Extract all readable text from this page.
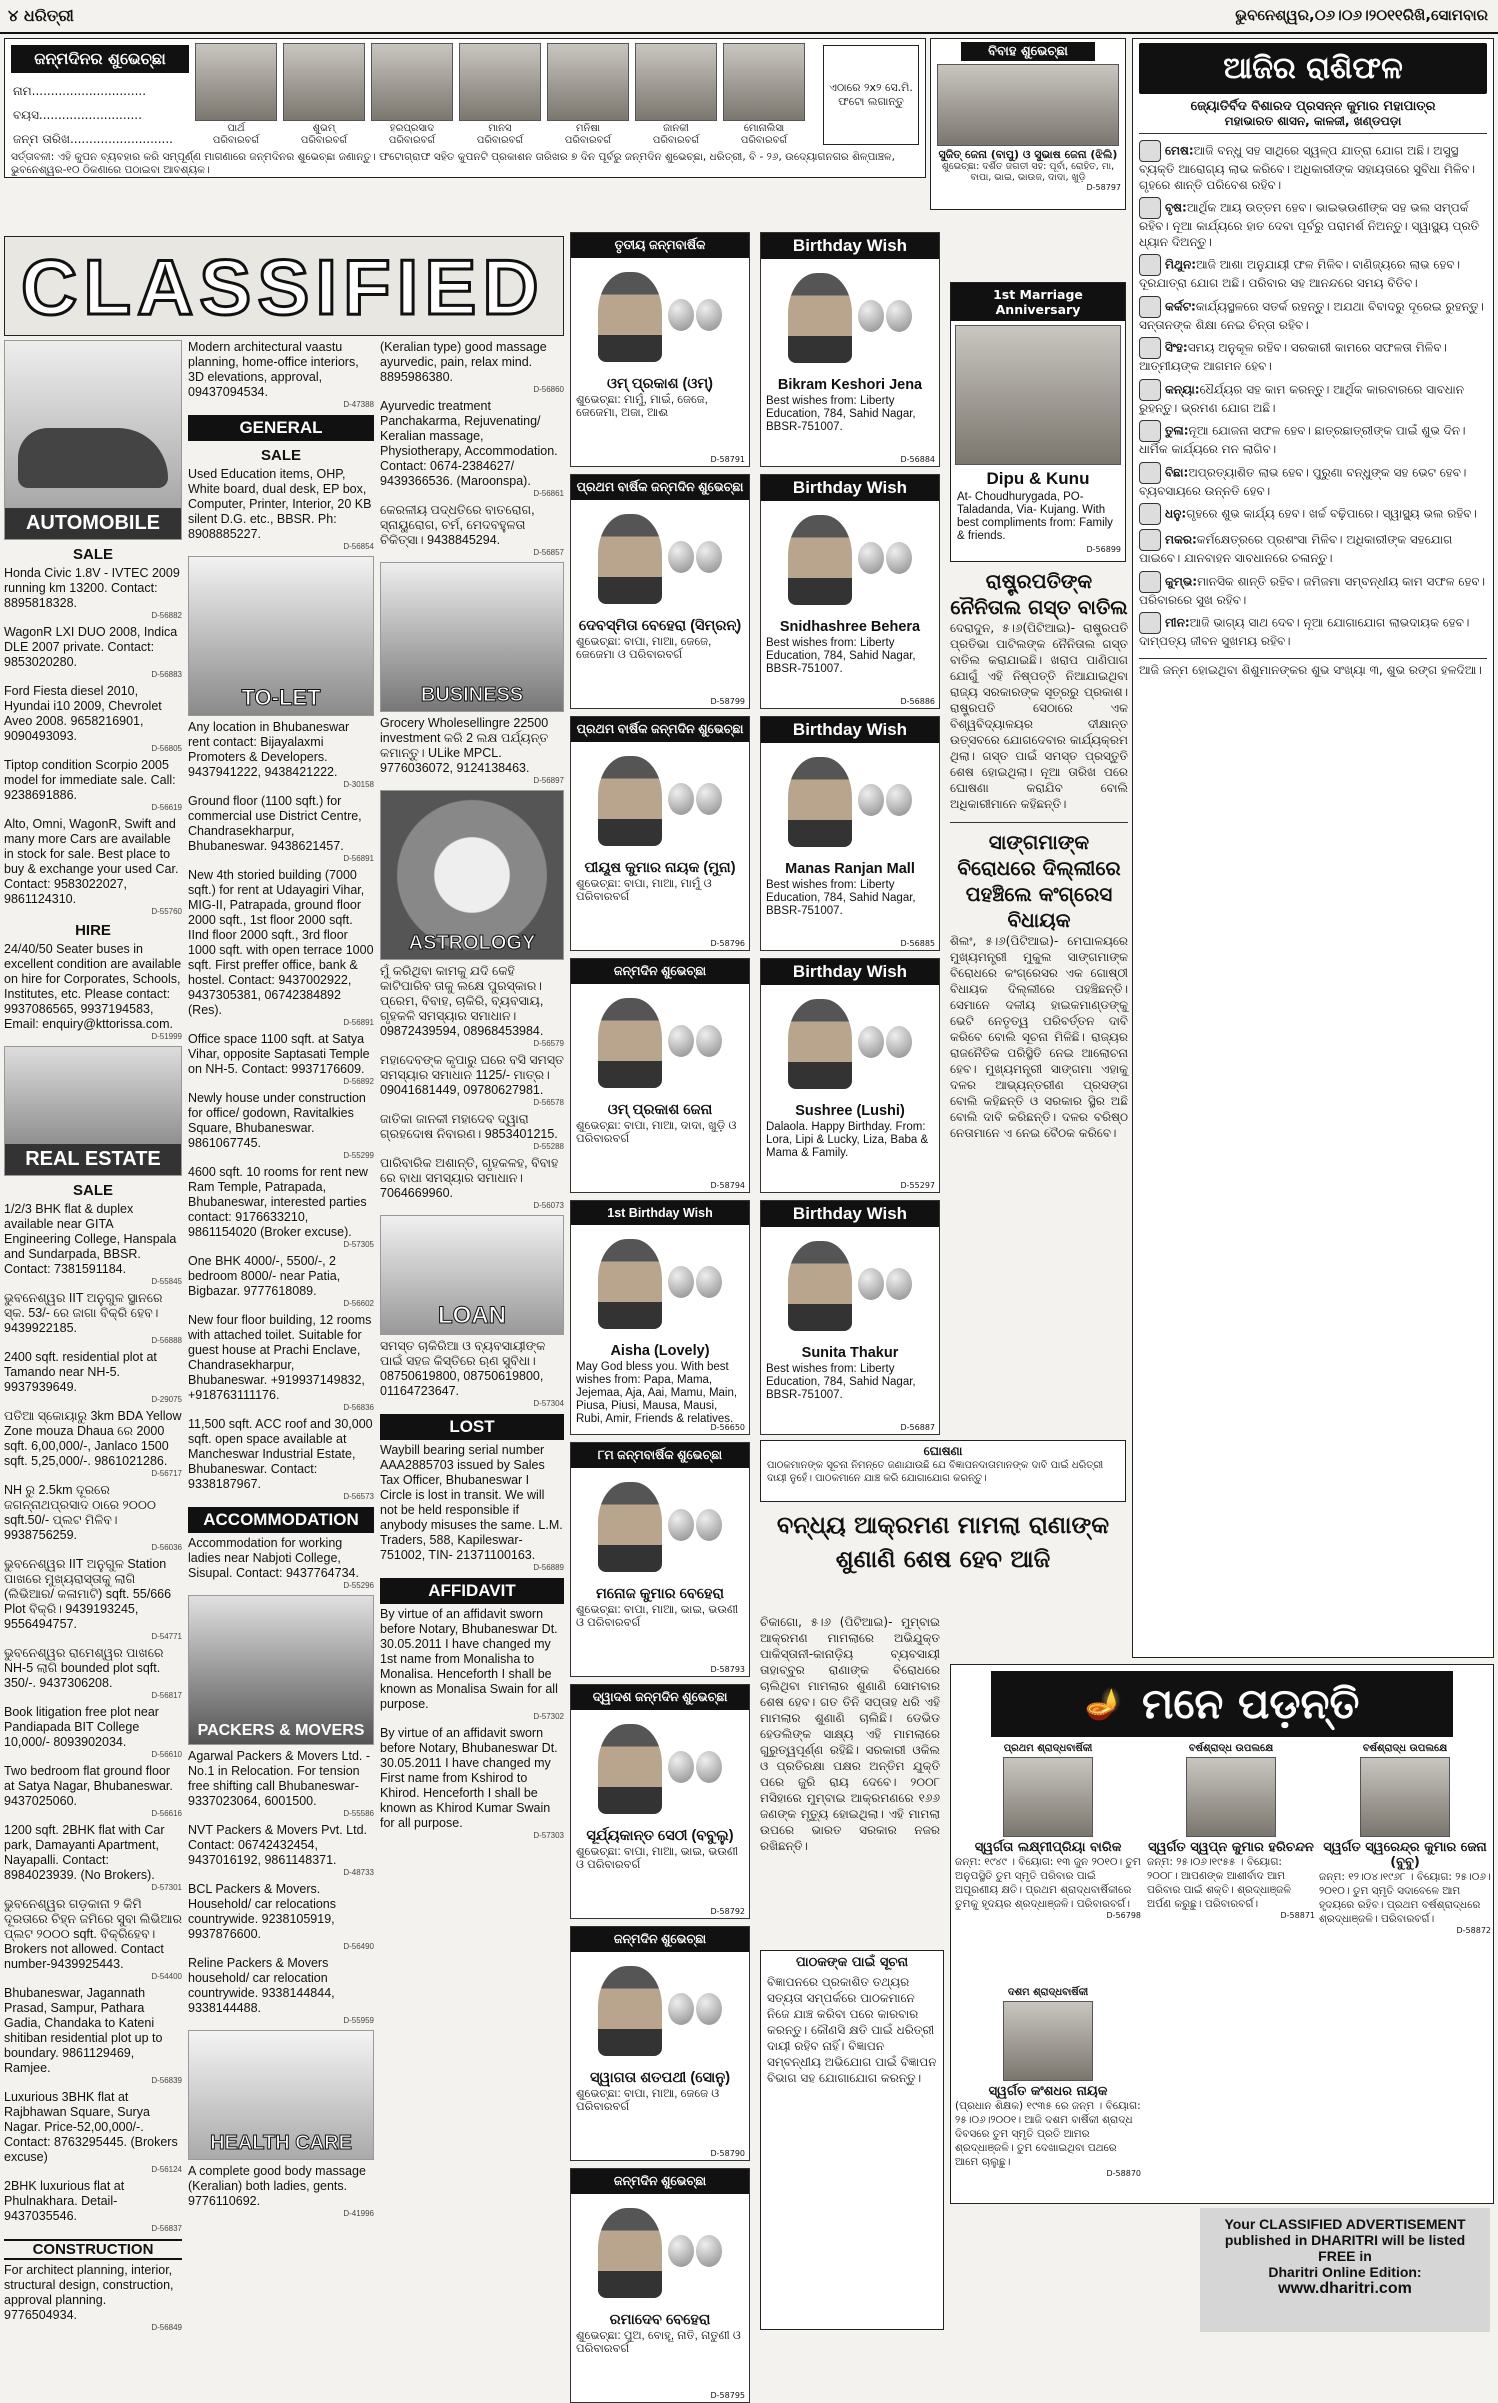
୪ ଧରିତ୍ରୀ	ଭୁବନେଶ୍ୱର,୦୬।୦୬।୨୦୧୧ରିଖି,ସୋମବାର
ଜନ୍ମଦିନର ଶୁଭେଚ୍ଛା
ନାମ..............................
ବୟସ...........................
ଜନ୍ମ ତାରିଖ...........................
ପାର୍ଥ
ପରିବାରବର୍ଗ
ଶୁଭମ୍
ପରିବାରବର୍ଗ
ହରପ୍ରସାଦ
ପରିବାରବର୍ଗ
ମାନସ
ପରିବାରବର୍ଗ
ମନିଷା
ପରିବାରବର୍ଗ
ଜାନକୀ
ପରିବାରବର୍ଗ
ମୋନାଲିସା
ପରିବାରବର୍ଗ
ଏଠାରେ ୨x୨ ସେ.ମି. ଫଟୋ ଲଗାନ୍ତୁ
ସର୍ତ୍ତାବଳୀ: ଏହି କୁପନ ବ୍ୟବହାର କରି ସମ୍ପୂର୍ଣ୍ଣ ମାଗଣାରେ ଜନ୍ମଦିନର ଶୁଭେଚ୍ଛା ଜଣାନ୍ତୁ। ଫଟୋଗ୍ରାଫ ସହିତ କୁପନଟି ପ୍ରକାଶନ ତାରିଖର ୭ ଦିନ ପୂର୍ବରୁ ଜନ୍ମଦିନ ଶୁଭେଚ୍ଛା, ଧରିତ୍ରୀ, ବି - ୨୬, ଉଦ୍ୟୋଗନଗର ଶିଳ୍ପାଞ୍ଚଳ, ଭୁବନେଶ୍ୱର-୧୦ ଠିକଣାରେ ପଠାଇବା ଆବଶ୍ୟକ।
ବିବାହ ଶୁଭେଚ୍ଛା
ସୁଜିତ୍ ଜେନା (ବାପୁ) ଓ ସୁଭାଷ ଜେନା (ଝିଲି)
ଶୁଭେଚ୍ଛା: ଦର୍ଶିତ ଜଗତୀ ସହ: ପୂର୍ବା, ରୋହିତ, ମା, ବାପା, ଭାଇ, ଭାଉଜ, ଦାଦା, ଖୁଡ଼ି
D-58797
ଆଜିର ରାଶିଫଳ
ଜ୍ୟୋତିର୍ବିଦ ବିଶାରଦ ପ୍ରସନ୍ନ କୁମାର ମହାପାତ୍ର
ମହାଭାରତ ଶାସନ, କାଳଜୀ, ଖଣ୍ଡପଡ଼ା

ମେଷ:ଆଜି ବନ୍ଧୁ ସହ ସାଥିରେ ସ୍ୱଳ୍ପ ଯାତ୍ରା ଯୋଗ ଅଛି। ଅସୁସ୍ଥ ବ୍ୟକ୍ତି ଆରୋଗ୍ୟ ଲାଭ କରିବେ। ଅଧିକାରୀଙ୍କ ସହାୟତାରେ ସୁବିଧା ମିଳିବ। ଗୃହରେ ଶାନ୍ତି ପରିବେଶ ରହିବ।

ବୃଷ:ଆର୍ଥିକ ଆୟ ଉତ୍ତମ ହେବ। ଭାଇଭଉଣୀଙ୍କ ସହ ଭଲ ସମ୍ପର୍କ ରହିବ। ନୂଆ କାର୍ଯ୍ୟରେ ହାତ ଦେବା ପୂର୍ବରୁ ପରାମର୍ଶ ନିଅନ୍ତୁ। ସ୍ୱାସ୍ଥ୍ୟ ପ୍ରତି ଧ୍ୟାନ ଦିଅନ୍ତୁ।

ମିଥୁନ:ଆଜି ଆଶା ଅନୁଯାୟୀ ଫଳ ମିଳିବ। ବାଣିଜ୍ୟରେ ଲାଭ ହେବ। ଦୂରଯାତ୍ରା ଯୋଗ ଅଛି। ପରିବାର ସହ ଆନନ୍ଦରେ ସମୟ ବିତିବ।

କର୍କଟ:କାର୍ଯ୍ୟସ୍ଥଳରେ ସତର୍କ ରହନ୍ତୁ। ଅଯଥା ବିବାଦରୁ ଦୂରେଇ ରୁହନ୍ତୁ। ସନ୍ତାନଙ୍କ ଶିକ୍ଷା ନେଇ ଚିନ୍ତା ରହିବ।

ସିଂହ:ସମୟ ଅନୁକୂଳ ରହିବ। ସରକାରୀ କାମରେ ସଫଳତା ମିଳିବ। ଆତ୍ମୀୟଙ୍କ ଆଗମନ ହେବ।

କନ୍ୟା:ଧୈର୍ଯ୍ୟର ସହ କାମ କରନ୍ତୁ। ଆର୍ଥିକ କାରବାରରେ ସାବଧାନ ରୁହନ୍ତୁ। ଭ୍ରମଣ ଯୋଗ ଅଛି।

ତୁଳା:ନୂଆ ଯୋଜନା ସଫଳ ହେବ। ଛାତ୍ରଛାତ୍ରୀଙ୍କ ପାଇଁ ଶୁଭ ଦିନ। ଧାର୍ମିକ କାର୍ଯ୍ୟରେ ମନ ଲାଗିବ।

ବିଛା:ଅପ୍ରତ୍ୟାଶିତ ଲାଭ ହେବ। ପୁରୁଣା ବନ୍ଧୁଙ୍କ ସହ ଭେଟ ହେବ। ବ୍ୟବସାୟରେ ଉନ୍ନତି ହେବ।

ଧନୁ:ଗୃହରେ ଶୁଭ କାର୍ଯ୍ୟ ହେବ। ଖର୍ଚ୍ଚ ବଢ଼ିପାରେ। ସ୍ୱାସ୍ଥ୍ୟ ଭଲ ରହିବ।

ମକର:କର୍ମକ୍ଷେତ୍ରରେ ପ୍ରଶଂସା ମିଳିବ। ଅଧିକାରୀଙ୍କ ସହଯୋଗ ପାଇବେ। ଯାନବାହନ ସାବଧାନରେ ଚଳାନ୍ତୁ।

କୁମ୍ଭ:ମାନସିକ ଶାନ୍ତି ରହିବ। ଜମିଜମା ସମ୍ବନ୍ଧୀୟ କାମ ସଫଳ ହେବ। ପରିବାରରେ ସୁଖ ରହିବ।

ମୀନ:ଆଜି ଭାଗ୍ୟ ସାଥ ଦେବ। ନୂଆ ଯୋଗାଯୋଗ ଲାଭଦାୟକ ହେବ। ଦାମ୍ପତ୍ୟ ଜୀବନ ସୁଖମୟ ରହିବ।

ଆଜି ଜନ୍ମ ହୋଇଥିବା ଶିଶୁମାନଙ୍କର ଶୁଭ ସଂଖ୍ୟା ୩, ଶୁଭ ରଙ୍ଗ ହଳଦିଆ।
CLASSIFIED
AUTOMOBILE
SALE
Honda Civic 1.8V - IVTEC 2009 running km 13200. Contact: 8895818328.
D-56882
WagonR LXI DUO 2008, Indica DLE 2007 private. Contact: 9853020280.
D-56883
Ford Fiesta diesel 2010, Hyundai i10 2009, Chevrolet Aveo 2008. 9658216901, 9090493093.
D-56805
Tiptop condition Scorpio 2005 model for immediate sale. Call: 9238691886.
D-56619
Alto, Omni, WagonR, Swift and many more Cars are available in stock for sale. Best place to buy & exchange your used Car. Contact: 9583022027, 9861124310.
D-55760
HIRE
24/40/50 Seater buses in excellent condition are available on hire for Corporates, Schools, Institutes, etc. Please contact: 9937086565, 9937194583, Email: enquiry@kttorissa.com.
D-51999
REAL ESTATE
SALE
1/2/3 BHK flat & duplex available near GITA Engineering College, Hanspala and Sundarpada, BBSR. Contact: 7381591184.
D-55845
ଭୁବନେଶ୍ୱର IIT ଅନୁଗୁଳ ସ୍ଥାନରେ ସ୍କ. 53/- ରେ ଜାଗା ବିକ୍ରି ହେବ। 9439922185.
D-56888
2400 sqft. residential plot at Tamando near NH-5. 9937939649.
D-29075
ପତିଆ ସ୍କୋୟାରୁ 3km BDA Yellow Zone mouza Dhaua ରେ 2000 sqft. 6,00,000/-, Janlaco 1500 sqft. 5,25,000/-. 9861021286.
D-56717
NH ରୁ 2.5km ଦୂରରେ ଜଗନ୍ନାଥପ୍ରସାଦ ଠାରେ ୨୦୦୦ sqft.50/- ପ୍ଲଟ ମିଳିବ। 9938756259.
D-56036
ଭୁବନେଶ୍ୱର IIT ଅନୁଗୁଳ Station ପାଖରେ ମୁଖ୍ୟରାସ୍ତାକୁ ଲାଗି (ଲିଭିଆର/ କଳାମାଟି) sqft. 55/666 Plot ବିକ୍ରି। 9439193245, 9556494757.
D-54771
ଭୁବନେଶ୍ୱର ରାମେଶ୍ୱର ପାଖରେ NH-5 ଲାଗି bounded plot sqft. 350/-. 9437306208.
D-56817
Book litigation free plot near Pandiapada BIT College 10,000/- 8093902034.
D-56610
Two bedroom flat ground floor at Satya Nagar, Bhubaneswar. 9437025060.
D-56616
1200 sqft. 2BHK flat with Car park, Damayanti Apartment, Nayapalli. Contact: 8984023939. (No Brokers).
D-57301
ଭୁବନେଶ୍ୱର ଗଡ଼କାନା ୨ କିମି ଦୂରତାରେ ଚିହ୍ନ ଜମିରେ ସୁବା ଲିଭିଆର ପ୍ଲଟ ୨୦୦୦ sqft. ବିକ୍ରିହେବ। Brokers not allowed. Contact number-9439925443.
D-54400
Bhubaneswar, Jagannath Prasad, Sampur, Pathara Gadia, Chandaka to Kateni shitiban residential plot up to boundary. 9861129469, Ramjee.
D-56839
Luxurious 3BHK flat at Rajbhawan Square, Surya Nagar. Price-52,00,000/-. Contact: 8763295445. (Brokers excuse)
D-56124
2BHK luxurious flat at Phulnakhara. Detail- 9437035546.
D-56837
CONSTRUCTION
For architect planning, interior, structural design, construction, approval planning. 9776504934.
D-56849
Modern architectural vaastu planning, home-office interiors, 3D elevations, approval, 09437094534.
D-47388
GENERAL
SALE
Used Education items, OHP, White board, dual desk, EP box, Computer, Printer, Interior, 20 KB silent D.G. etc., BBSR. Ph: 8908885227.
D-56854
TO-LET
Any location in Bhubaneswar rent contact: Bijayalaxmi Promoters & Developers. 9437941222, 9438421222.
D-30158
Ground floor (1100 sqft.) for commercial use District Centre, Chandrasekharpur, Bhubaneswar. 9438621457.
D-56891
New 4th storied building (7000 sqft.) for rent at Udayagiri Vihar, MIG-II, Patrapada, ground floor 2000 sqft., 1st floor 2000 sqft. IInd floor 2000 sqft., 3rd floor 1000 sqft. with open terrace 1000 sqft. First preffer office, bank & hostel. Contact: 9437002922, 9437305381, 06742384892 (Res).
D-56891
Office space 1100 sqft. at Satya Vihar, opposite Saptasati Temple on NH-5. Contact: 9937176609.
D-56892
Newly house under construction for office/ godown, Ravitalkies Square, Bhubaneswar. 9861067745.
D-55299
4600 sqft. 10 rooms for rent new Ram Temple, Patrapada, Bhubaneswar, interested parties contact: 9176633210, 9861154020 (Broker excuse).
D-57305
One BHK 4000/-, 5500/-, 2 bedroom 8000/- near Patia, Bigbazar. 9777618089.
D-56602
New four floor building, 12 rooms with attached toilet. Suitable for guest house at Prachi Enclave, Chandrasekharpur, Bhubaneswar. +919937149832, +918763111176.
D-56836
11,500 sqft. ACC roof and 30,000 sqft. open space available at Mancheswar Industrial Estate, Bhubaneswar. Contact: 9338187967.
D-56573
ACCOMMODATION
Accommodation for working ladies near Nabjoti College, Sisupal. Contact: 9437764734.
D-55296
PACKERS & MOVERS
Agarwal Packers & Movers Ltd. - No.1 in Relocation. For tension free shifting call Bhubaneswar- 9337023064, 6001500.
D-55586
NVT Packers & Movers Pvt. Ltd. Contact: 06742432454, 9437016192, 9861148371.
D-48733
BCL Packers & Movers. Household/ car relocations countrywide. 9238105919, 9937876600.
D-56490
Reline Packers & Movers household/ car relocation countrywide. 9338144844, 9338144488.
D-55959
HEALTH CARE
A complete good body massage (Keralian) both ladies, gents. 9776110692.
D-41996
(Keralian type) good massage ayurvedic, pain, relax mind. 8895986380.
D-56860
Ayurvedic treatment Panchakarma, Rejuvenating/ Keralian massage, Physiotherapy, Accommodation. Contact: 0674-2384627/ 9439366536. (Maroonspa).
D-56861
କେରଳୀୟ ପଦ୍ଧତିରେ ବାତରୋଗ, ସ୍ନାୟୁରୋଗ, ଚର୍ମ, ମେଦବହୁଳତା ଚିକିତ୍ସା। 9438845294.
D-56857
BUSINESS
Grocery Wholesellingre 22500 investment କରି 2 ଲକ୍ଷ ପର୍ଯ୍ୟନ୍ତ କମାନ୍ତୁ। ULike MPCL. 9776036072, 9124138463.
D-56897
ASTROLOGY
ମୁଁ କରିଥିବା କାମକୁ ଯଦି କେହି କାଟିପାରିବ ତାକୁ ଲକ୍ଷେ ପୁରସ୍କାର। ପ୍ରେମ, ବିବାହ, ଚାକିରି, ବ୍ୟବସାୟ, ଗୃହକଳି ସମସ୍ୟାର ସମାଧାନ। 09872439594, 08968453984.
D-56579
ମହାଦେବଙ୍କ କୃପାରୁ ଘରେ ବସି ସମସ୍ତ ସମସ୍ୟାର ସମାଧାନ 1125/- ମାତ୍ର। 09041681449, 09780627981.
D-56578
ଜାତିକା ଜାନକୀ ମହାଦେବ ଦ୍ୱାରା ଗ୍ରହଦୋଷ ନିବାରଣ। 9853401215.
D-55288
ପାରିବାରିକ ଅଶାନ୍ତି, ଗୃହକଳହ, ବିବାହ ରେ ବାଧା ସମସ୍ୟାର ସମାଧାନ। 7064669960.
D-56073
LOAN
ସମସ୍ତ ଚାକିରିଆ ଓ ବ୍ୟବସାୟୀଙ୍କ ପାଇଁ ସହଜ କିସ୍ତିରେ ଋଣ ସୁବିଧା। 08750619800, 08750619800, 01164723647.
D-57304
LOST
Waybill bearing serial number AAA2885703 issued by Sales Tax Officer, Bhubaneswar I Circle is lost in transit. We will not be held responsible if anybody misuses the same. L.M. Traders, 588, Kapileswar-751002, TIN- 21371100163.
D-56889
AFFIDAVIT
By virtue of an affidavit sworn before Notary, Bhubaneswar Dt. 30.05.2011 I have changed my 1st name from Monalisha to Monalisa. Henceforth I shall be known as Monalisa Swain for all purpose.
D-57302
By virtue of an affidavit sworn before Notary, Bhubaneswar Dt. 30.05.2011 I have changed my First name from Kshirod to Khirod. Henceforth I shall be known as Khirod Kumar Swain for all purpose.
D-57303
ତୃତୀୟ ଜନ୍ମବାର୍ଷିକ
ଓମ୍ ପ୍ରକାଶ (ଓମ୍)
ଶୁଭେଚ୍ଛା: ମାମୁଁ, ମାଇଁ, ଜେଜେ, ଜେଜେମା, ଅଜା, ଆଈ
D-58791
ପ୍ରଥମ ବାର୍ଷିକ ଜନ୍ମଦିନ ଶୁଭେଚ୍ଛା
ଦେବସ୍ମିତା ବେହେରା (ସିମ୍ରନ୍)
ଶୁଭେଚ୍ଛା: ବାପା, ମାଆ, ଜେଜେ, ଜେଜେମା ଓ ପରିବାରବର୍ଗ
D-58799
ପ୍ରଥମ ବାର୍ଷିକ ଜନ୍ମଦିନ ଶୁଭେଚ୍ଛା
ପୀୟୂଷ କୁମାର ନାୟକ (ମୁନା)
ଶୁଭେଚ୍ଛା: ବାପା, ମାଆ, ମାମୁଁ ଓ ପରିବାରବର୍ଗ
D-58796
ଜନ୍ମଦିନ ଶୁଭେଚ୍ଛା
ଓମ୍ ପ୍ରକାଶ ଜେନା
ଶୁଭେଚ୍ଛା: ବାପା, ମାଆ, ଦାଦା, ଖୁଡ଼ି ଓ ପରିବାରବର୍ଗ
D-58794
1st Birthday Wish
Aisha (Lovely)
May God bless you. With best wishes from: Papa, Mama, Jejemaa, Aja, Aai, Mamu, Main, Piusa, Piusi, Mausa, Mausi, Rubi, Amir, Friends & relatives.
D-56650
୮ମ ଜନ୍ମବାର୍ଷିକ ଶୁଭେଚ୍ଛା
ମନୋଜ କୁମାର ବେହେରା
ଶୁଭେଚ୍ଛା: ବାପା, ମାଆ, ଭାଇ, ଭଉଣୀ ଓ ପରିବାରବର୍ଗ
D-58793
ଦ୍ୱାଦଶ ଜନ୍ମଦିନ ଶୁଭେଚ୍ଛା
ସୂର୍ଯ୍ୟକାନ୍ତ ସେଠୀ (ବବୁଲୁ)
ଶୁଭେଚ୍ଛା: ବାପା, ମାଆ, ଭାଇ, ଭଉଣୀ ଓ ପରିବାରବର୍ଗ
D-58792
ଜନ୍ମଦିନ ଶୁଭେଚ୍ଛା
ସ୍ୱାଗତା ଶତପଥୀ (ସୋନୁ)
ଶୁଭେଚ୍ଛା: ବାପା, ମାଆ, ଜେଜେ ଓ ପରିବାରବର୍ଗ
D-58790
ଜନ୍ମଦିନ ଶୁଭେଚ୍ଛା
ରମାଦେବ ବେହେରା
ଶୁଭେଚ୍ଛା: ପୁଅ, ବୋହୂ, ନାତି, ନାତୁଣୀ ଓ ପରିବାରବର୍ଗ
D-58795
Birthday Wish
Bikram Keshori Jena
Best wishes from: Liberty Education, 784, Sahid Nagar, BBSR-751007.
D-56884
Birthday Wish
Snidhashree Behera
Best wishes from: Liberty Education, 784, Sahid Nagar, BBSR-751007.
D-56886
Birthday Wish
Manas Ranjan Mall
Best wishes from: Liberty Education, 784, Sahid Nagar, BBSR-751007.
D-56885
Birthday Wish
Sushree (Lushi)
Dalaola. Happy Birthday. From: Lora, Lipi & Lucky, Liza, Baba & Mama & Family.
D-55297
Birthday Wish
Sunita Thakur
Best wishes from: Liberty Education, 784, Sahid Nagar, BBSR-751007.
D-56887
1st Marriage Anniversary
Dipu & Kunu
At- Choudhurygada, PO- Taladanda, Via- Kujang. With best compliments from: Family & friends.
D-56899
ରାଷ୍ଟ୍ରପତିଙ୍କ ନୈନିତାଲ ଗସ୍ତ ବାତିଲ
ଦେରାଦୁନ, ୫।୬(ପିଟିଆଇ)- ରାଷ୍ଟ୍ରପତି ପ୍ରତିଭା ପାଟିଲଙ୍କ ନୈନିତାଲ ଗସ୍ତ ବାତିଲ କରାଯାଇଛି। ଖରାପ ପାଣିପାଗ ଯୋଗୁଁ ଏହି ନିଷ୍ପତ୍ତି ନିଆଯାଇଥିବା ରାଜ୍ୟ ସରକାରଙ୍କ ସୂତ୍ରରୁ ପ୍ରକାଶ। ରାଷ୍ଟ୍ରପତି ସେଠାରେ ଏକ ବିଶ୍ୱବିଦ୍ୟାଳୟର ଦୀକ୍ଷାନ୍ତ ଉତ୍ସବରେ ଯୋଗଦେବାର କାର୍ଯ୍ୟକ୍ରମ ଥିଲା। ଗସ୍ତ ପାଇଁ ସମସ୍ତ ପ୍ରସ୍ତୁତି ଶେଷ ହୋଇଥିଲା। ନୂଆ ତାରିଖ ପରେ ଘୋଷଣା କରାଯିବ ବୋଲି ଅଧିକାରୀମାନେ କହିଛନ୍ତି।
ସାଙ୍ଗମାଙ୍କ ବିରୋଧରେ ଦିଲ୍ଲୀରେ ପହଞ୍ଚିଲେ କଂଗ୍ରେସ ବିଧାୟକ
ଶିଲଂ, ୫।୬(ପିଟିଆଇ)- ମେଘାଳୟରେ ମୁଖ୍ୟମନ୍ତ୍ରୀ ମୁକୁଲ ସାଙ୍ଗମାଙ୍କ ବିରୋଧରେ କଂଗ୍ରେସର ଏକ ଗୋଷ୍ଠୀ ବିଧାୟକ ଦିଲ୍ଲୀରେ ପହଞ୍ଚିଛନ୍ତି। ସେମାନେ ଦଳୀୟ ହାଇକମାଣ୍ଡଙ୍କୁ ଭେଟି ନେତୃତ୍ୱ ପରିବର୍ତ୍ତନ ଦାବି କରିବେ ବୋଲି ସୂଚନା ମିଳିଛି। ରାଜ୍ୟର ରାଜନୈତିକ ପରିସ୍ଥିତି ନେଇ ଆଲୋଚନା ହେବ। ମୁଖ୍ୟମନ୍ତ୍ରୀ ସାଙ୍ଗମା ଏହାକୁ ଦଳର ଆଭ୍ୟନ୍ତରୀଣ ପ୍ରସଙ୍ଗ ବୋଲି କହିଛନ୍ତି ଓ ସରକାର ସ୍ଥିର ଅଛି ବୋଲି ଦାବି କରିଛନ୍ତି। ଦଳର ବରିଷ୍ଠ ନେତାମାନେ ଏ ନେଇ ବୈଠକ କରିବେ।
ଘୋଷଣା
ପାଠକମାନଙ୍କ ସୂଚନା ନିମନ୍ତେ ଜଣାଯାଉଛି ଯେ ବିଜ୍ଞାପନଦାତାମାନଙ୍କ ଦାବି ପାଇଁ ଧରିତ୍ରୀ ଦାୟୀ ନୁହେଁ। ପାଠକମାନେ ଯାଞ୍ଚ କରି ଯୋଗାଯୋଗ କରନ୍ତୁ।
ବନ୍ଧ୍ୟ ଆକ୍ରମଣ ମାମଲା ରାଣାଙ୍କ ଶୁଣାଣି ଶେଷ ହେବ ଆଜି
ଚିକାଗୋ, ୫।୬ (ପିଟିଆଇ)- ମୁମ୍ବାଇ ଆକ୍ରମଣ ମାମଲାରେ ଅଭିଯୁକ୍ତ ପାକିସ୍ତାନୀ-କାନାଡ଼ିୟ ବ୍ୟବସାୟୀ ତାହାବ୍ବୁର ରାଣାଙ୍କ ବିରୋଧରେ ଚାଲିଥିବା ମାମଲାର ଶୁଣାଣି ସୋମବାର ଶେଷ ହେବ। ଗତ ତିନି ସପ୍ତାହ ଧରି ଏହି ମାମଲାର ଶୁଣାଣି ଚାଲିଛି। ଡେଭିଡ ହେଡଲିଙ୍କ ସାକ୍ଷ୍ୟ ଏହି ମାମଲାରେ ଗୁରୁତ୍ୱପୂର୍ଣ୍ଣ ରହିଛି। ସରକାରୀ ଓକିଲ ଓ ପ୍ରତିରକ୍ଷା ପକ୍ଷର ଅନ୍ତିମ ଯୁକ୍ତି ପରେ ଜୁରି ରାୟ ଦେବେ। ୨୦୦୮ ମସିହାରେ ମୁମ୍ବାଇ ଆକ୍ରମଣରେ ୧୬୬ ଜଣଙ୍କ ମୃତ୍ୟୁ ହୋଇଥିଲା। ଏହି ମାମଲା ଉପରେ ଭାରତ ସରକାର ନଜର ରଖିଛନ୍ତି।
ପାଠକଙ୍କ ପାଇଁ ସୂଚନା
ବିଜ୍ଞାପନରେ ପ୍ରକାଶିତ ତଥ୍ୟର ସତ୍ୟତା ସମ୍ପର୍କରେ ପାଠକମାନେ ନିଜେ ଯାଞ୍ଚ କରିବା ପରେ କାରବାର କରନ୍ତୁ। କୌଣସି କ୍ଷତି ପାଇଁ ଧରିତ୍ରୀ ଦାୟୀ ରହିବ ନାହିଁ। ବିଜ୍ଞାପନ ସମ୍ବନ୍ଧୀୟ ଅଭିଯୋଗ ପାଇଁ ବିଜ୍ଞାପନ ବିଭାଗ ସହ ଯୋଗାଯୋଗ କରନ୍ତୁ।
🪔 ମନେ ପଡ଼ନ୍ତି
ପ୍ରଥମ ଶ୍ରାଦ୍ଧବାର୍ଷିକୀ
ସ୍ୱର୍ଗତା ଲକ୍ଷ୍ମୀପ୍ରିୟା ବାରିକ
ଜନ୍ମ: ୧୯୪୯ । ବିୟୋଗ: ୧୩ ଜୁନ ୨୦୧୦। ତୁମ ଅନୁପସ୍ଥିତି ତୁମ ସ୍ମୃତି ପରିବାର ପାଇଁ ଅପୂରଣୀୟ କ୍ଷତି। ପ୍ରଥମ ଶ୍ରାଦ୍ଧବାର୍ଷିକୀରେ ତୁମକୁ ହୃଦୟର ଶ୍ରଦ୍ଧାଞ୍ଜଳି। ପରିବାରବର୍ଗ।
D-56798
ଦଶମ ଶ୍ରାଦ୍ଧବାର୍ଷିକୀ
ସ୍ୱର୍ଗତ କଂଶଧର ନାୟକ
(ପ୍ରଧାନ ଶିକ୍ଷକ) ୧୯୩୫ ରେ ଜନ୍ମ । ବିୟୋଗ: ୨୫।୦୬।୨୦୦୧। ଆଜି ଦଶମ ବାର୍ଷିକୀ ଶ୍ରାଦ୍ଧ ଦିବସରେ ତୁମ ସ୍ମୃତି ପ୍ରତି ଆମର ଶ୍ରଦ୍ଧାଞ୍ଜଳି। ତୁମ ଦେଖାଇଥିବା ପଥରେ ଆମେ ଚାଲୁଛୁ।
D-58870
ବର୍ଷଶ୍ରାଦ୍ଧ ଉପଲକ୍ଷେ
ସ୍ୱର୍ଗତ ସ୍ୱପ୍ନ କୁମାର ହରିଚନ୍ଦନ
ଜନ୍ମ: ୨୫।୦୬।୧୯୫୫ । ବିୟୋଗ: ୨୦୦୮। ଆପଣଙ୍କ ଆଶୀର୍ବାଦ ଆମ ପରିବାର ପାଇଁ ଶକ୍ତି। ଶ୍ରଦ୍ଧାଞ୍ଜଳି ଅର୍ପଣ କରୁଛୁ। ପରିବାରବର୍ଗ।
D-58871
ବର୍ଷଶ୍ରାଦ୍ଧ ଉପଲକ୍ଷେ
ସ୍ୱର୍ଗତ ସ୍ୱରେନ୍ଦ୍ର କୁମାର ଜେନା (ବୁବୁ)
ଜନ୍ମ: ୧୨।୦୪।୧୯୬୮ । ବିୟୋଗ: ୨୫।୦୬।୨୦୧୦। ତୁମ ସ୍ମୃତି ସଦାବେଳେ ଆମ ହୃଦୟରେ ରହିବ। ପ୍ରଥମ ବର୍ଷଶ୍ରାଦ୍ଧରେ ଶ୍ରଦ୍ଧାଞ୍ଜଳି। ପରିବାରବର୍ଗ।
D-58872
Your CLASSIFIED ADVERTISEMENT
published in DHARITRI will be listed
FREE in
Dharitri Online Edition:
www.dharitri.com
